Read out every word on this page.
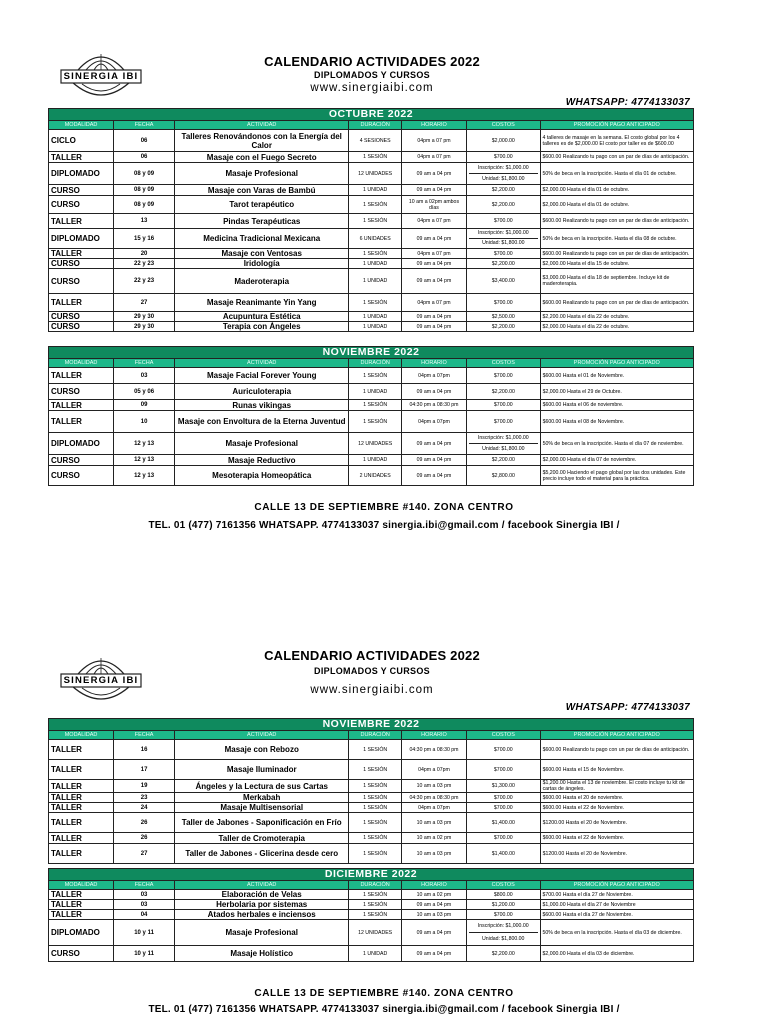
SINERGIA IBI
CALENDARIO ACTIVIDADES 2022
DIPLOMADOS Y CURSOS
www.sinergiaibi.com
WHATSAPP: 4774133037
OCTUBRE 2022						
MODALIDAD	FECHA	ACTIVIDAD	DURACIÓN	HORARIO	COSTOS	PROMOCIÓN PAGO ANTICIPADO
CICLO	06	Talleres Renovándonos con la Energía del Calor	4 SESIONES	04pm a 07 pm	$2,000.00	4 talleres de masaje en la semana. El costo global por los 4 talleres es de $2,000.00 El costo por taller es de $600.00
TALLER	06	Masaje con el Fuego Secreto	1 SESIÓN	04pm a 07 pm	$700.00	$600.00 Realizando tu pago con un par de días de anticipación.
DIPLOMADO	08 y 09	Masaje Profesional	12 UNIDADES	09 am a 04 pm	Inscripción: $1,000.00
Unidad: $1,800.00	50% de beca en la inscripción. Hasta el día 01 de octubre.
CURSO	08 y 09	Masaje con Varas de Bambú	1 UNIDAD	09 am a 04 pm	$2,200.00	$2,000.00 Hasta el día 01 de octubre.
CURSO	08 y 09	Tarot terapéutico	1 SESIÓN	10 am a 02pm ambos días	$2,200.00	$2,000.00 Hasta el día 01 de octubre.
TALLER	13	Pindas Terapéuticas	1 SESIÓN	04pm a 07 pm	$700.00	$600.00 Realizando tu pago con un par de días de anticipación.
DIPLOMADO	15 y 16	Medicina Tradicional Mexicana	6 UNIDADES	09 am a 04 pm	Inscripción: $1,000.00
Unidad: $1,800.00	50% de beca en la inscripción. Hasta el día 08 de octubre.
TALLER	20	Masaje con Ventosas	1 SESIÓN	04pm a 07 pm	$700.00	$600.00 Realizando tu pago con un par de días de anticipación.
CURSO	22 y 23	Iridología	1 UNIDAD	09 am a 04 pm	$2,200.00	$2,000.00 Hasta el día 15 de octubre.
CURSO	22 y 23	Maderoterapia	1 UNIDAD	09 am a 04 pm	$3,400.00	$3,000.00 Hasta el día 18 de septiembre. Incluye kit de maderoterapia.
TALLER	27	Masaje Reanimante Yin Yang	1 SESIÓN	04pm a 07 pm	$700.00	$600.00 Realizando tu pago con un par de días de anticipación.
CURSO	29 y 30	Acupuntura Estética	1 UNIDAD	09 am a 04 pm	$2,500.00	$2,200.00 Hasta el día 22 de octubre.
CURSO	29 y 30	Terapia con Ángeles	1 UNIDAD	09 am a 04 pm	$2,200.00	$2,000.00 Hasta el día 22 de octubre.
NOVIEMBRE 2022						
MODALIDAD	FECHA	ACTIVIDAD	DURACIÓN	HORARIO	COSTOS	PROMOCIÓN PAGO ANTICIPADO
TALLER	03	Masaje Facial Forever Young	1 SESIÓN	04pm a 07pm	$700.00	$600.00 Hasta el 01 de Noviembre.
CURSO	05 y 06	Auriculoterapia	1 UNIDAD	09 am a 04 pm	$2,200.00	$2,000.00 Hasta el 29 de Octubre.
TALLER	09	Runas vikingas	1 SESIÓN	04:30 pm a 08:30 pm	$700.00	$600.00 Hasta el 06 de noviembre.
TALLER	10	Masaje con Envoltura de la Eterna Juventud	1 SESIÓN	04pm a 07pm	$700.00	$600.00 Hasta el 08 de Noviembre.
DIPLOMADO	12 y 13	Masaje Profesional	12 UNIDADES	09 am a 04 pm	Inscripción: $1,000.00
Unidad: $1,800.00	50% de beca en la inscripción. Hasta el día 07 de noviembre.
CURSO	12 y 13	Masaje Reductivo	1 UNIDAD	09 am a 04 pm	$2,200.00	$2,000.00 Hasta el día 07 de noviembre.
CURSO	12 y 13	Mesoterapia Homeopática	2 UNIDADES	09 am a 04 pm	$2,800.00	$5,200.00 Haciendo el pago global por las dos unidades. Este precio incluye todo el material para la práctica.
CALLE 13 DE SEPTIEMBRE #140. ZONA CENTRO
TEL. 01 (477) 7161356 WHATSAPP. 4774133037 sinergia.ibi@gmail.com / facebook Sinergia IBI /
SINERGIA IBI
CALENDARIO ACTIVIDADES 2022
DIPLOMADOS Y CURSOS
www.sinergiaibi.com
WHATSAPP: 4774133037
NOVIEMBRE 2022						
MODALIDAD	FECHA	ACTIVIDAD	DURACIÓN	HORARIO	COSTOS	PROMOCIÓN PAGO ANTICIPADO
TALLER	16	Masaje con Rebozo	1 SESIÓN	04:30 pm a 08:30 pm	$700.00	$600.00 Realizando tu pago con un par de días de anticipación.
TALLER	17	Masaje Iluminador	1 SESIÓN	04pm a 07pm	$700.00	$600.00 Hasta el 15 de Noviembre.
TALLER	19	Ángeles y la Lectura de sus Cartas	1 SESIÓN	10 am a 03 pm	$1,300.00	$1,200.00 Hasta el 13 de noviembre. El costo incluye tu kit de cartas de ángeles.
TALLER	23	Merkabah	1 SESIÓN	04:30 pm a 08:30 pm	$700.00	$600.00 Hasta el 20 de noviembre.
TALLER	24	Masaje Multisensorial	1 SESIÓN	04pm a 07pm	$700.00	$600.00 Hasta el 22 de Noviembre.
TALLER	26	Taller de Jabones - Saponificación en Frío	1 SESIÓN	10 am a 03 pm	$1,400.00	$1200.00 Hasta el 20 de Noviembre.
TALLER	26	Taller de Cromoterapia	1 SESIÓN	10 am a 02 pm	$700.00	$600.00 Hasta el 22 de Noviembre.
TALLER	27	Taller de Jabones - Glicerina desde cero	1 SESIÓN	10 am a 03 pm	$1,400.00	$1200.00 Hasta el 20 de Noviembre.
DICIEMBRE 2022						
MODALIDAD	FECHA	ACTIVIDAD	DURACIÓN	HORARIO	COSTOS	PROMOCIÓN PAGO ANTICIPADO
TALLER	03	Elaboración de Velas	1 SESIÓN	10 am a 02 pm	$800.00	$700.00 Hasta el día 27 de Noviembre.
TALLER	03	Herbolaria por sistemas	1 SESIÓN	09 am a 04 pm	$1,200.00	$1,000.00 Hasta el día 27 de Noviembre
TALLER	04	Atados herbales e inciensos	1 SESIÓN	10 am a 03 pm	$700.00	$600.00 Hasta el día 27 de Noviembre.
DIPLOMADO	10 y 11	Masaje Profesional	12 UNIDADES	09 am a 04 pm	Inscripción: $1,000.00
Unidad: $1,800.00	50% de beca en la inscripción. Hasta el día 03 de diciembre.
CURSO	10 y 11	Masaje Holístico	1 UNIDAD	09 am a 04 pm	$2,200.00	$2,000.00 Hasta el día 03 de diciembre.
CALLE 13 DE SEPTIEMBRE #140. ZONA CENTRO
TEL. 01 (477) 7161356 WHATSAPP. 4774133037 sinergia.ibi@gmail.com / facebook Sinergia IBI /
